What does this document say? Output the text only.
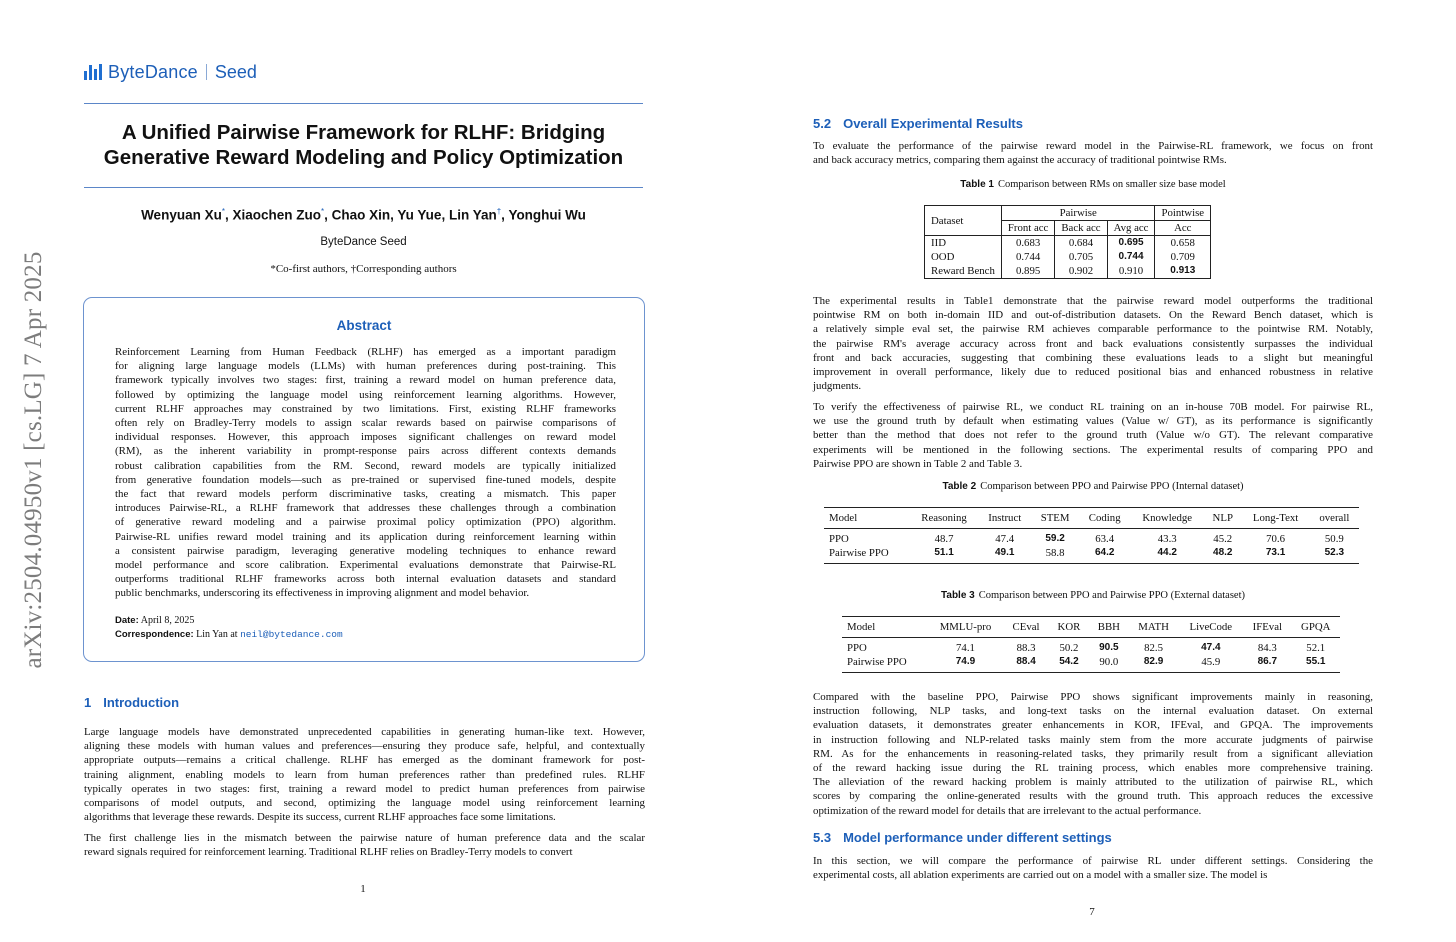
arXiv:2504.04950v1 [cs.LG] 7 Apr 2025
ByteDance Seed
A Unified Pairwise Framework for RLHF: Bridging
Generative Reward Modeling and Policy Optimization
Wenyuan Xu*, Xiaochen Zuo*, Chao Xin, Yu Yue, Lin Yan†, Yonghui Wu
ByteDance Seed
*Co-first authors, †Corresponding authors
Abstract
Reinforcement Learning from Human Feedback (RLHF) has emerged as a important paradigm
for aligning large language models (LLMs) with human preferences during post-training. This
framework typically involves two stages: first, training a reward model on human preference data,
followed by optimizing the language model using reinforcement learning algorithms. However,
current RLHF approaches may constrained by two limitations. First, existing RLHF frameworks
often rely on Bradley-Terry models to assign scalar rewards based on pairwise comparisons of
individual responses. However, this approach imposes significant challenges on reward model
(RM), as the inherent variability in prompt-response pairs across different contexts demands
robust calibration capabilities from the RM. Second, reward models are typically initialized
from generative foundation models—such as pre-trained or supervised fine-tuned models, despite
the fact that reward models perform discriminative tasks, creating a mismatch. This paper
introduces Pairwise-RL, a RLHF framework that addresses these challenges through a combination
of generative reward modeling and a pairwise proximal policy optimization (PPO) algorithm.
Pairwise-RL unifies reward model training and its application during reinforcement learning within
a consistent pairwise paradigm, leveraging generative modeling techniques to enhance reward
model performance and score calibration. Experimental evaluations demonstrate that Pairwise-RL
outperforms traditional RLHF frameworks across both internal evaluation datasets and standard
public benchmarks, underscoring its effectiveness in improving alignment and model behavior.
Date: April 8, 2025
Correspondence: Lin Yan at neil@bytedance.com
1 Introduction
Large language models have demonstrated unprecedented capabilities in generating human-like text. However,
aligning these models with human values and preferences—ensuring they produce safe, helpful, and contextually
appropriate outputs—remains a critical challenge. RLHF has emerged as the dominant framework for post-
training alignment, enabling models to learn from human preferences rather than predefined rules. RLHF
typically operates in two stages: first, training a reward model to predict human preferences from pairwise
comparisons of model outputs, and second, optimizing the language model using reinforcement learning
algorithms that leverage these rewards. Despite its success, current RLHF approaches face some limitations.
The first challenge lies in the mismatch between the pairwise nature of human preference data and the scalar
reward signals required for reinforcement learning. Traditional RLHF relies on Bradley-Terry models to convert
1
5.2 Overall Experimental Results
To evaluate the performance of the pairwise reward model in the Pairwise-RL framework, we focus on front
and back accuracy metrics, comparing them against the accuracy of traditional pointwise RMs.
Table 1 Comparison between RMs on smaller size base model
Dataset	Pairwise			Pointwise
	Front acc	Back acc	Avg acc	Acc
IID	0.683	0.684	0.695	0.658
OOD	0.744	0.705	0.744	0.709
Reward Bench	0.895	0.902	0.910	0.913
The experimental results in Table1 demonstrate that the pairwise reward model outperforms the traditional
pointwise RM on both in-domain IID and out-of-distribution datasets. On the Reward Bench dataset, which is
a relatively simple eval set, the pairwise RM achieves comparable performance to the pointwise RM. Notably,
the pairwise RM's average accuracy across front and back evaluations consistently surpasses the individual
front and back accuracies, suggesting that combining these evaluations leads to a slight but meaningful
improvement in overall performance, likely due to reduced positional bias and enhanced robustness in relative
judgments.
To verify the effectiveness of pairwise RL, we conduct RL training on an in-house 70B model. For pairwise RL,
we use the ground truth by default when estimating values (Value w/ GT), as its performance is significantly
better than the method that does not refer to the ground truth (Value w/o GT). The relevant comparative
experiments will be mentioned in the following sections. The experimental results of comparing PPO and
Pairwise PPO are shown in Table 2 and Table 3.
Table 2 Comparison between PPO and Pairwise PPO (Internal dataset)
Model	Reasoning	Instruct	STEM	Coding	Knowledge	NLP	Long-Text	overall
PPO	48.7	47.4	59.2	63.4	43.3	45.2	70.6	50.9
Pairwise PPO	51.1	49.1	58.8	64.2	44.2	48.2	73.1	52.3
Table 3 Comparison between PPO and Pairwise PPO (External dataset)
Model	MMLU-pro	CEval	KOR	BBH	MATH	LiveCode	IFEval	GPQA
PPO	74.1	88.3	50.2	90.5	82.5	47.4	84.3	52.1
Pairwise PPO	74.9	88.4	54.2	90.0	82.9	45.9	86.7	55.1
Compared with the baseline PPO, Pairwise PPO shows significant improvements mainly in reasoning,
instruction following, NLP tasks, and long-text tasks on the internal evaluation dataset. On external
evaluation datasets, it demonstrates greater enhancements in KOR, IFEval, and GPQA. The improvements
in instruction following and NLP-related tasks mainly stem from the more accurate judgments of pairwise
RM. As for the enhancements in reasoning-related tasks, they primarily result from a significant alleviation
of the reward hacking issue during the RL training process, which enables more comprehensive training.
The alleviation of the reward hacking problem is mainly attributed to the utilization of pairwise RL, which
scores by comparing the online-generated results with the ground truth. This approach reduces the excessive
optimization of the reward model for details that are irrelevant to the actual performance.
5.3 Model performance under different settings
In this section, we will compare the performance of pairwise RL under different settings. Considering the
experimental costs, all ablation experiments are carried out on a model with a smaller size. The model is
7
